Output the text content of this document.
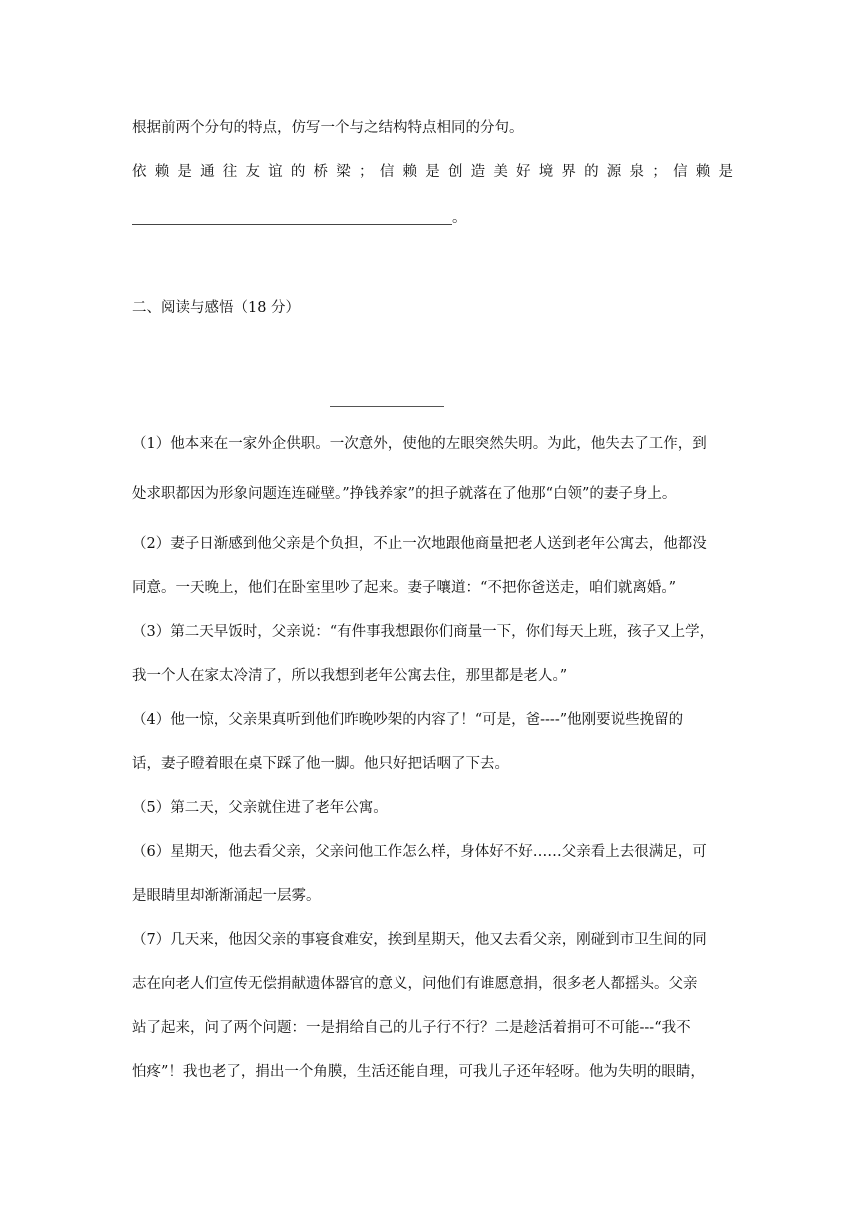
根据前两个分句的特点，仿写一个与之结构特点相同的分句。
依 赖 是 通 往 友 谊 的 桥 梁 ； 信 赖 是 创 造 美 好 境 界 的 源 泉 ； 信 赖 是
。
二、阅读与感悟（18 分）
（1）他本来在一家外企供职。一次意外，使他的左眼突然失明。为此，他失去了工作，到
处求职都因为形象问题连连碰壁。”挣钱养家”的担子就落在了他那“白领”的妻子身上。
（2）妻子日渐感到他父亲是个负担，不止一次地跟他商量把老人送到老年公寓去，他都没
同意。一天晚上，他们在卧室里吵了起来。妻子嚷道：“不把你爸送走，咱们就离婚。”
（3）第二天早饭时，父亲说：“有件事我想跟你们商量一下，你们每天上班，孩子又上学，
我一个人在家太冷清了，所以我想到老年公寓去住，那里都是老人。”
（4）他一惊，父亲果真听到他们昨晚吵架的内容了！“可是，爸----”他刚要说些挽留的
话，妻子瞪着眼在桌下踩了他一脚。他只好把话咽了下去。
（5）第二天，父亲就住进了老年公寓。
（6）星期天，他去看父亲，父亲问他工作怎么样，身体好不好……父亲看上去很满足，可
是眼睛里却渐渐涌起一层雾。
（7）几天来，他因父亲的事寝食难安，挨到星期天，他又去看父亲，刚碰到市卫生间的同
志在向老人们宣传无偿捐献遗体器官的意义，问他们有谁愿意捐，很多老人都摇头。父亲
站了起来，问了两个问题：一是捐给自己的儿子行不行？二是趁活着捐可不可能---“我不
怕疼”！我也老了，捐出一个角膜，生活还能自理，可我儿子还年轻呀。他为失明的眼睛，
